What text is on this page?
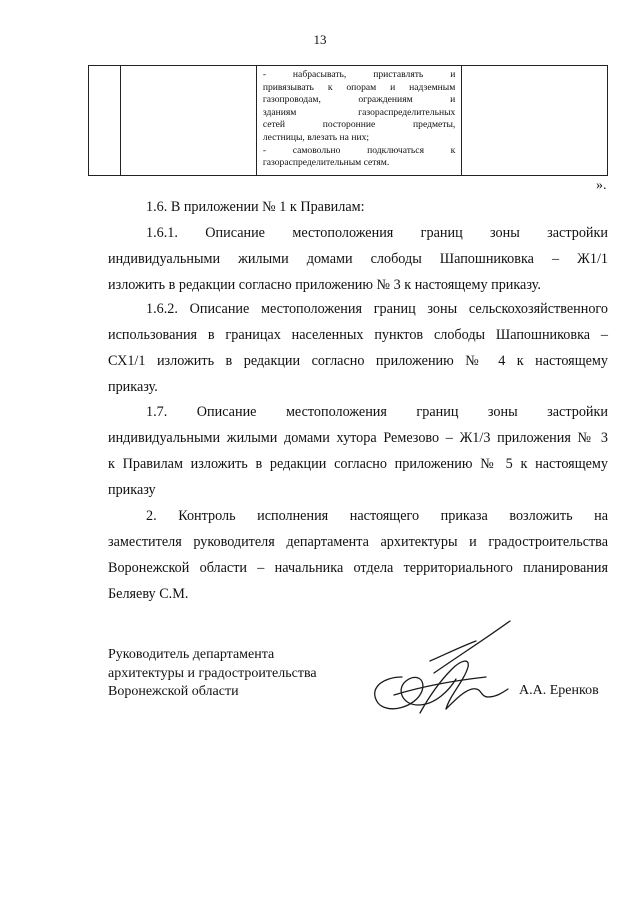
13

- набрасывать, приставлять и
привязывать к опорам и надземным
газопроводам, ограждениям и
зданиям газораспределительных
сетей посторонние предметы,
лестницы, влезать на них;
- самовольно подключаться к
газораспределительным сетям.

».
1.6. В приложении № 1 к Правилам:
1.6.1. Описание местоположения границ зоны застройки
индивидуальными жилыми домами слободы Шапошниковка – Ж1/1
изложить в редакции согласно приложению № 3 к настоящему приказу.
1.6.2. Описание местоположения границ зоны сельскохозяйственного
использования в границах населенных пунктов слободы Шапошниковка –
СХ1/1 изложить в редакции согласно приложению № 4 к настоящему
приказу.
1.7. Описание местоположения границ зоны застройки
индивидуальными жилыми домами хутора Ремезово – Ж1/3 приложения № 3
к Правилам изложить в редакции согласно приложению № 5 к настоящему
приказу
2. Контроль исполнения настоящего приказа возложить на
заместителя руководителя департамента архитектуры и градостроительства
Воронежской области – начальника отдела территориального планирования
Беляеву С.М.
Руководитель департамента
архитектуры и градостроительства
Воронежской области	А.А. Еренков
